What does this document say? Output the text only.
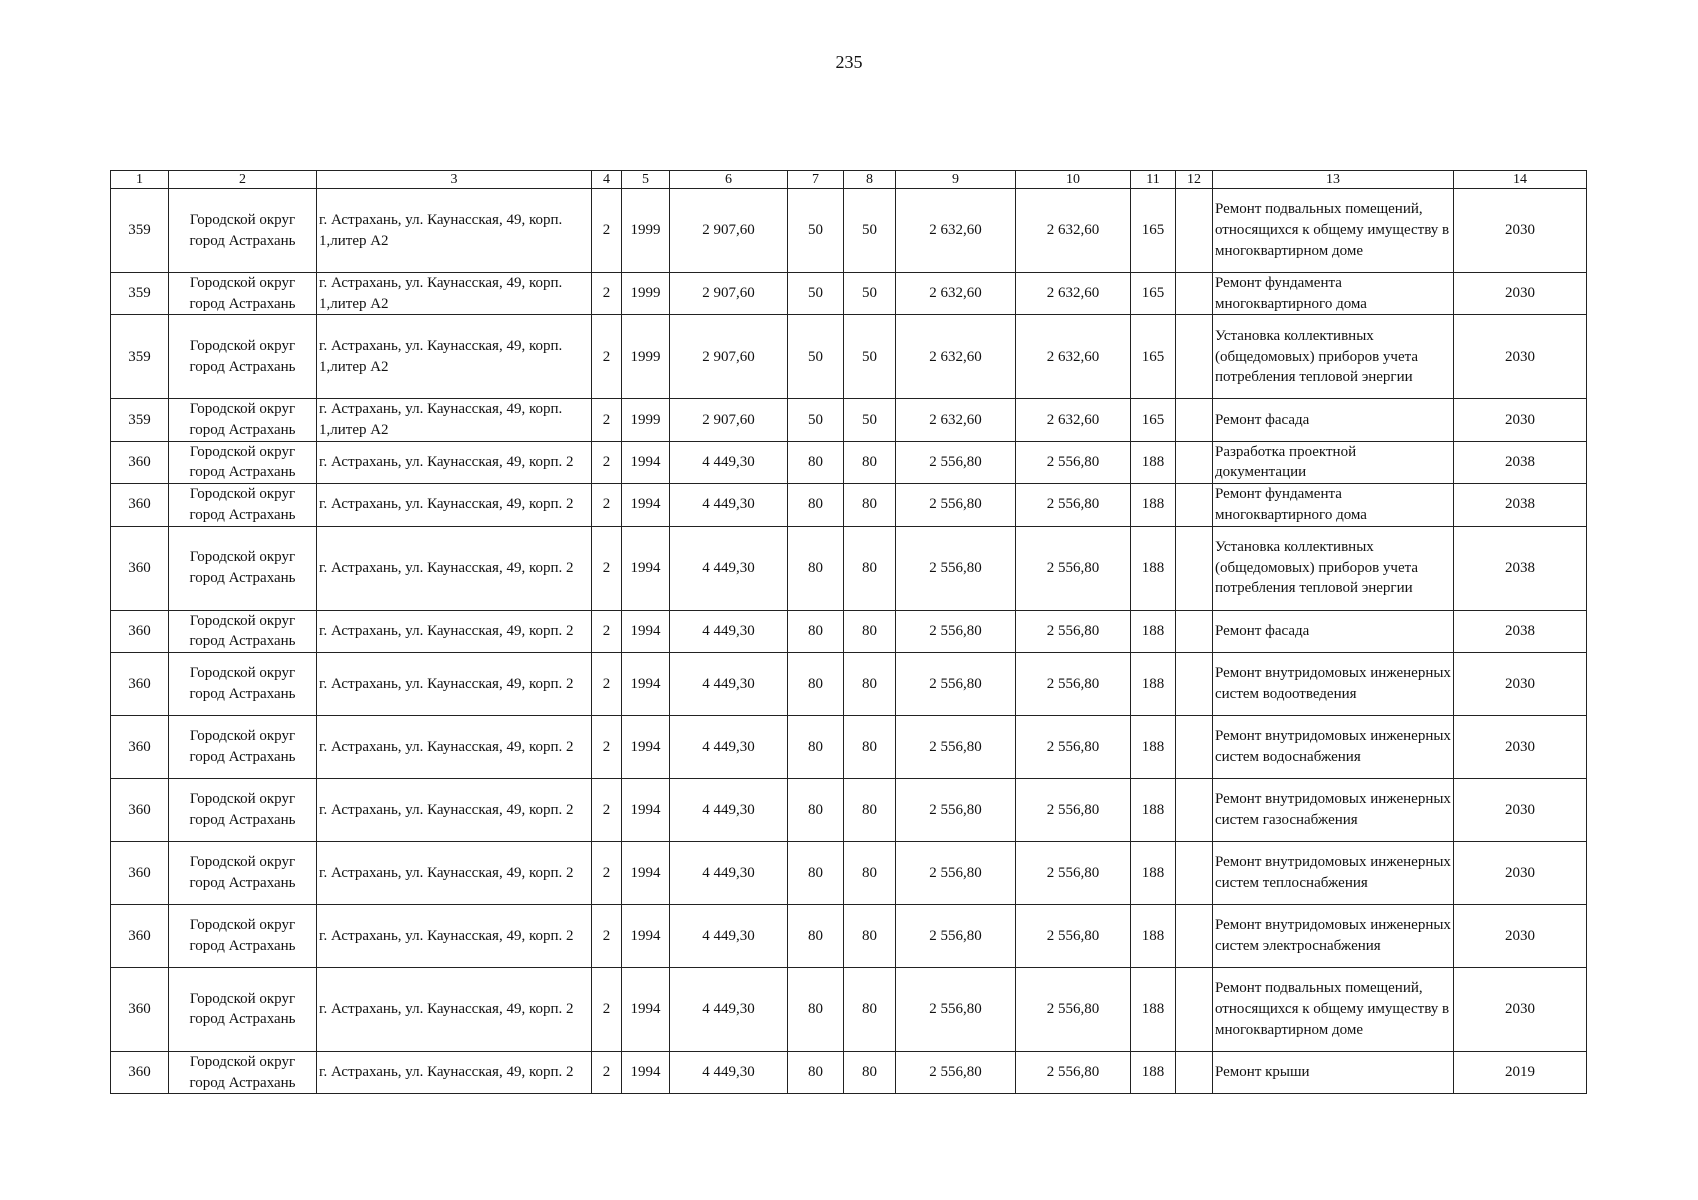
235
1	2	3	4	5	6	7	8	9	10	11	12	13	14
359	Городской округ город Астрахань	г. Астрахань, ул. Каунасская, 49, корп. 1,литер А2	2	1999	2 907,60	50	50	2 632,60	2 632,60	165		Ремонт подвальных помещений, относящихся к общему имуществу в многоквартирном доме	2030
359	Городской округ город Астрахань	г. Астрахань, ул. Каунасская, 49, корп. 1,литер А2	2	1999	2 907,60	50	50	2 632,60	2 632,60	165		Ремонт фундамента многоквартирного дома	2030
359	Городской округ город Астрахань	г. Астрахань, ул. Каунасская, 49, корп. 1,литер А2	2	1999	2 907,60	50	50	2 632,60	2 632,60	165		Установка коллективных (общедомовых) приборов учета потребления тепловой энергии	2030
359	Городской округ город Астрахань	г. Астрахань, ул. Каунасская, 49, корп. 1,литер А2	2	1999	2 907,60	50	50	2 632,60	2 632,60	165		Ремонт фасада	2030
360	Городской округ город Астрахань	г. Астрахань, ул. Каунасская, 49, корп. 2	2	1994	4 449,30	80	80	2 556,80	2 556,80	188		Разработка проектной документации	2038
360	Городской округ город Астрахань	г. Астрахань, ул. Каунасская, 49, корп. 2	2	1994	4 449,30	80	80	2 556,80	2 556,80	188		Ремонт фундамента многоквартирного дома	2038
360	Городской округ город Астрахань	г. Астрахань, ул. Каунасская, 49, корп. 2	2	1994	4 449,30	80	80	2 556,80	2 556,80	188		Установка коллективных (общедомовых) приборов учета потребления тепловой энергии	2038
360	Городской округ город Астрахань	г. Астрахань, ул. Каунасская, 49, корп. 2	2	1994	4 449,30	80	80	2 556,80	2 556,80	188		Ремонт фасада	2038
360	Городской округ город Астрахань	г. Астрахань, ул. Каунасская, 49, корп. 2	2	1994	4 449,30	80	80	2 556,80	2 556,80	188		Ремонт внутридомовых инженерных систем водоотведения	2030
360	Городской округ город Астрахань	г. Астрахань, ул. Каунасская, 49, корп. 2	2	1994	4 449,30	80	80	2 556,80	2 556,80	188		Ремонт внутридомовых инженерных систем водоснабжения	2030
360	Городской округ город Астрахань	г. Астрахань, ул. Каунасская, 49, корп. 2	2	1994	4 449,30	80	80	2 556,80	2 556,80	188		Ремонт внутридомовых инженерных систем газоснабжения	2030
360	Городской округ город Астрахань	г. Астрахань, ул. Каунасская, 49, корп. 2	2	1994	4 449,30	80	80	2 556,80	2 556,80	188		Ремонт внутридомовых инженерных систем теплоснабжения	2030
360	Городской округ город Астрахань	г. Астрахань, ул. Каунасская, 49, корп. 2	2	1994	4 449,30	80	80	2 556,80	2 556,80	188		Ремонт внутридомовых инженерных систем электроснабжения	2030
360	Городской округ город Астрахань	г. Астрахань, ул. Каунасская, 49, корп. 2	2	1994	4 449,30	80	80	2 556,80	2 556,80	188		Ремонт подвальных помещений, относящихся к общему имуществу в многоквартирном доме	2030
360	Городской округ город Астрахань	г. Астрахань, ул. Каунасская, 49, корп. 2	2	1994	4 449,30	80	80	2 556,80	2 556,80	188		Ремонт крыши	2019
